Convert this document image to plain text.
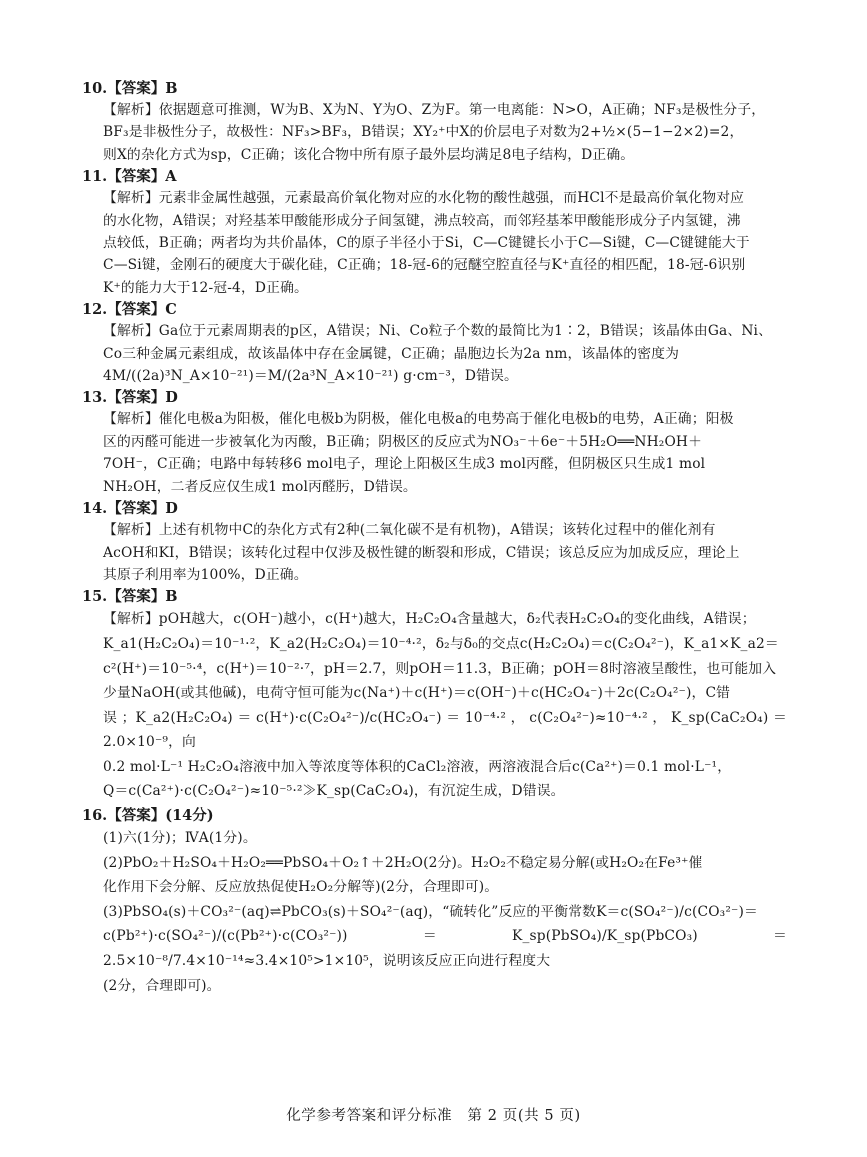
10.【答案】B

【解析】依据题意可推测，W为B、X为N、Y为O、Z为F。第一电离能：N>O，A正确；NF₃是极性分子，
BF₃是非极性分子，故极性：NF₃>BF₃，B错误；XY₂⁺中X的价层电子对数为2+½×(5−1−2×2)=2，
则X的杂化方式为sp，C正确；该化合物中所有原子最外层均满足8电子结构，D正确。

11.【答案】A

【解析】元素非金属性越强，元素最高价氧化物对应的水化物的酸性越强，而HCl不是最高价氧化物对应
的水化物，A错误；对羟基苯甲酸能形成分子间氢键，沸点较高，而邻羟基苯甲酸能形成分子内氢键，沸
点较低，B正确；两者均为共价晶体，C的原子半径小于Si，C—C键键长小于C—Si键，C—C键键能大于
C—Si键，金刚石的硬度大于碳化硅，C正确；18-冠-6的冠醚空腔直径与K⁺直径的相匹配，18-冠-6识别
K⁺的能力大于12-冠-4，D正确。

12.【答案】C

【解析】Ga位于元素周期表的p区，A错误；Ni、Co粒子个数的最简比为1∶2，B错误；该晶体由Ga、Ni、
Co三种金属元素组成，故该晶体中存在金属键，C正确；晶胞边长为2a nm，该晶体的密度为
4M/((2a)³N_A×10⁻²¹)＝M/(2a³N_A×10⁻²¹) g·cm⁻³，D错误。

13.【答案】D

【解析】催化电极a为阳极，催化电极b为阴极，催化电极a的电势高于催化电极b的电势，A正确；阳极
区的丙醛可能进一步被氧化为丙酸，B正确；阴极区的反应式为NO₃⁻＋6e⁻＋5H₂O══NH₂OH＋
7OH⁻，C正确；电路中每转移6 mol电子，理论上阳极区生成3 mol丙醛，但阴极区只生成1 mol
NH₂OH，二者反应仅生成1 mol丙醛肟，D错误。

14.【答案】D

【解析】上述有机物中C的杂化方式有2种(二氧化碳不是有机物)，A错误；该转化过程中的催化剂有
AcOH和KI，B错误；该转化过程中仅涉及极性键的断裂和形成，C错误；该总反应为加成反应，理论上
其原子利用率为100%，D正确。

15.【答案】B

【解析】pOH越大，c(OH⁻)越小，c(H⁺)越大，H₂C₂O₄含量越大，δ₂代表H₂C₂O₄的变化曲线，A错误；
K_a1(H₂C₂O₄)＝10⁻¹·²，K_a2(H₂C₂O₄)＝10⁻⁴·²，δ₂与δ₀的交点c(H₂C₂O₄)＝c(C₂O₄²⁻)，K_a1×K_a2＝
c²(H⁺)＝10⁻⁵·⁴，c(H⁺)＝10⁻²·⁷，pH＝2.7，则pOH＝11.3，B正确；pOH＝8时溶液呈酸性，也可能加入
少量NaOH(或其他碱)，电荷守恒可能为c(Na⁺)＋c(H⁺)＝c(OH⁻)＋c(HC₂O₄⁻)＋2c(C₂O₄²⁻)，C错
误；K_a2(H₂C₂O₄)＝c(H⁺)·c(C₂O₄²⁻)/c(HC₂O₄⁻)＝10⁻⁴·²，c(C₂O₄²⁻)≈10⁻⁴·²，K_sp(CaC₂O₄)＝2.0×10⁻⁹，向
0.2 mol·L⁻¹ H₂C₂O₄溶液中加入等浓度等体积的CaCl₂溶液，两溶液混合后c(Ca²⁺)＝0.1 mol·L⁻¹，
Q＝c(Ca²⁺)·c(C₂O₄²⁻)≈10⁻⁵·²≫K_sp(CaC₂O₄)，有沉淀生成，D错误。

16.【答案】(14分)

(1)六(1分)；ⅣA(1分)。
(2)PbO₂＋H₂SO₄＋H₂O₂══PbSO₄＋O₂↑＋2H₂O(2分)。H₂O₂不稳定易分解(或H₂O₂在Fe³⁺催
化作用下会分解、反应放热促使H₂O₂分解等)(2分，合理即可)。
(3)PbSO₄(s)＋CO₃²⁻(aq)⇌PbCO₃(s)＋SO₄²⁻(aq)，“硫转化”反应的平衡常数K＝c(SO₄²⁻)/c(CO₃²⁻)＝
c(Pb²⁺)·c(SO₄²⁻)/(c(Pb²⁺)·c(CO₃²⁻))＝K_sp(PbSO₄)/K_sp(PbCO₃)＝2.5×10⁻⁸/7.4×10⁻¹⁴≈3.4×10⁵>1×10⁵，说明该反应正向进行程度大
(2分，合理即可)。
化学参考答案和评分标准　第 2 页(共 5 页)
